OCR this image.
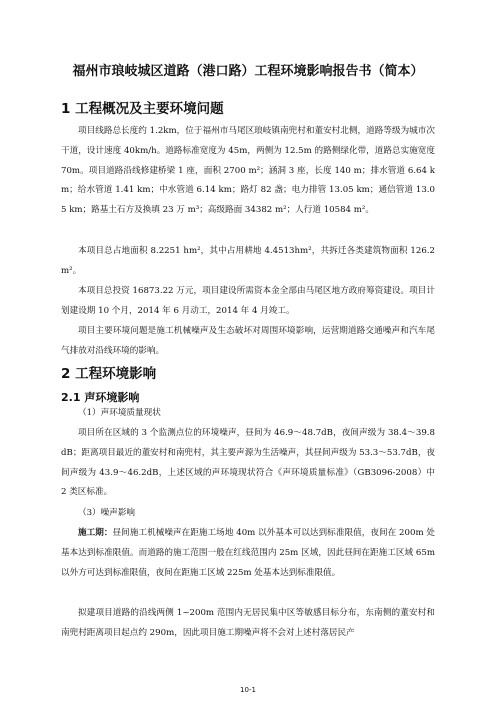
福州市琅岐城区道路（港口路）工程环境影响报告书（简本）
1 工程概况及主要环境问题
项目线路总长度约 1.2km，位于福州市马尾区琅岐镇南兜村和董安村北侧，道路等级为城市次干道，设计速度 40km/h。道路标准宽度为 45m，两侧为 12.5m 的路侧绿化带，道路总实施宽度 70m。项目道路沿线修建桥梁 1 座，面积 2700 m²；涵洞 3 座，长度 140 m；排水管道 6.64 km；给水管道 1.41 km；中水管道 6.14 km；路灯 82 盏；电力排管 13.05 km；通信管道 13.05 km；路基土石方及换填 23 万 m³；高级路面 34382 m²；人行道 10584 m²。
本项目总占地面积 8.2251 hm²，其中占用耕地 4.4513hm²，共拆迁各类建筑物面积 126.2 m²。
本项目总投资 16873.22 万元，项目建设所需资本金全部由马尾区地方政府筹资建设。项目计划建设期 10 个月，2014 年 6 月动工，2014 年 4 月竣工。
项目主要环境问题是施工机械噪声及生态破坏对周围环境影响，运营期道路交通噪声和汽车尾气排放对沿线环境的影响。
2 工程环境影响
2.1 声环境影响
（1）声环境质量现状
项目所在区域的 3 个监测点位的环境噪声，昼间为 46.9～48.7dB，夜间声级为 38.4～39.8dB；距离项目最近的董安村和南兜村，其主要声源为生活噪声，其昼间声级为 53.3～53.7dB，夜间声级为 43.9～46.2dB，上述区域的声环境现状符合《声环境质量标准》（GB3096-2008）中 2 类区标准。
（3）噪声影响
施工期：昼间施工机械噪声在距施工场地 40m 以外基本可以达到标准限值，夜间在 200m 处基本达到标准限值。而道路的施工范围一般在红线范围内 25m 区域，因此昼间在距施工区域 65m 以外方可达到标准限值，夜间在距施工区域 225m 处基本达到标准限值。
拟建项目道路的沿线两侧 1~200m 范围内无居民集中区等敏感目标分布，东南侧的董安村和南兜村距离项目起点约 290m，因此项目施工期噪声将不会对上述村落居民产
10-1
